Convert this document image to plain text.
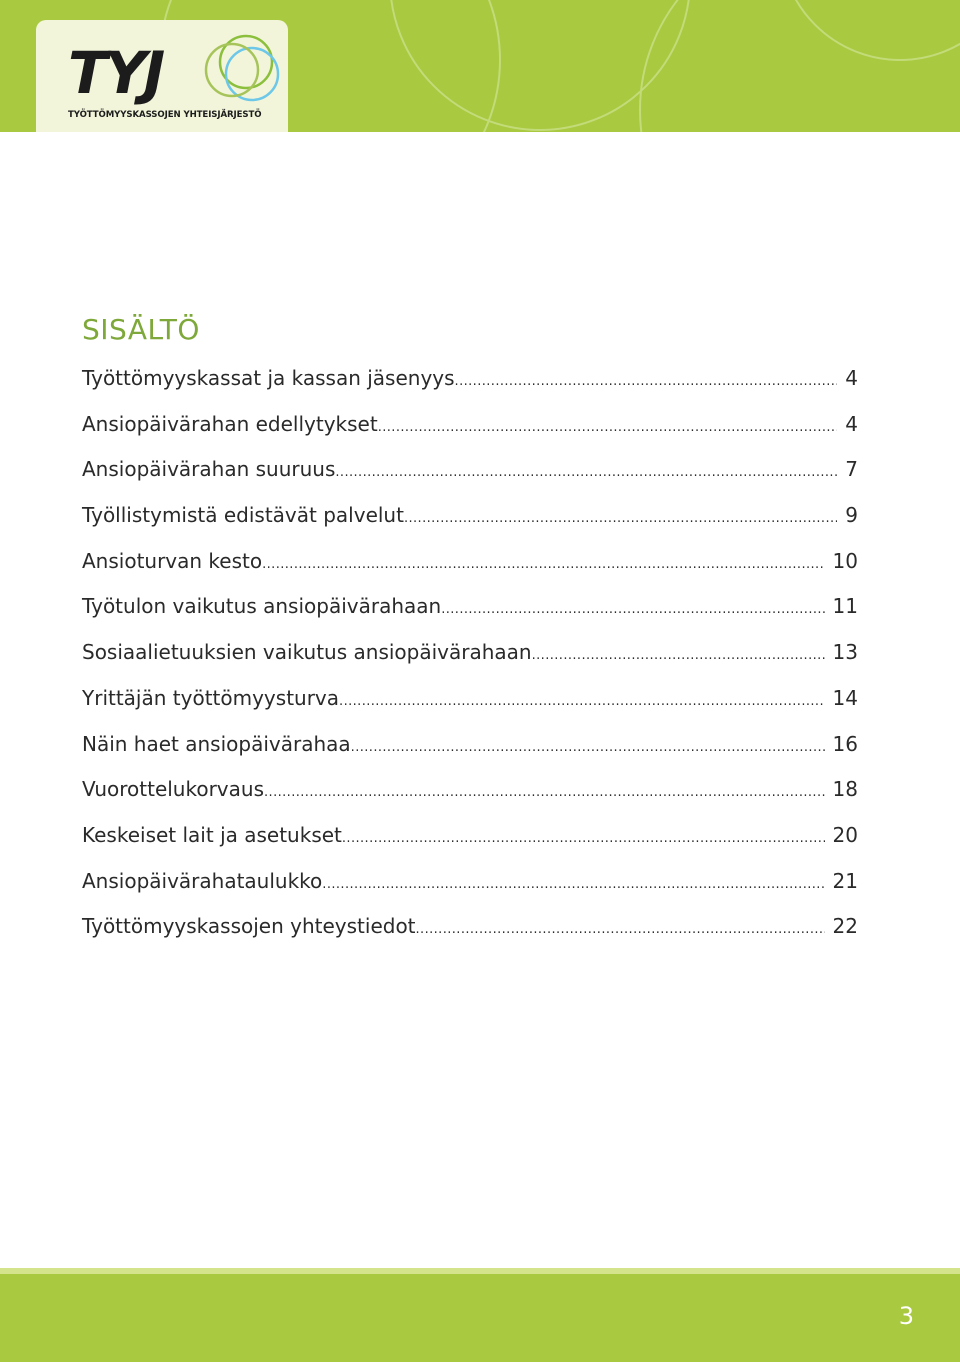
TYJ
TYÖTTÖMYYSKASSOJEN YHTEISJÄRJESTÖ
SISÄLTÖ
Työttömyyskassat ja kassan jäsenyys .....	4
Ansiopäivärahan edellytykset .....	4
Ansiopäivärahan suuruus .....	7
Työllistymistä edistävät palvelut .....	9
Ansioturvan kesto .....	10
Työtulon vaikutus ansiopäivärahaan .....	11
Sosiaalietuuksien vaikutus ansiopäivärahaan .....	13
Yrittäjän työttömyysturva .....	14
Näin haet ansiopäivärahaa .....	16
Vuorottelukorvaus .....	18
Keskeiset lait ja asetukset .....	20
Ansiopäivärahataulukko .....	21
Työttömyyskassojen yhteystiedot .....	22
3
